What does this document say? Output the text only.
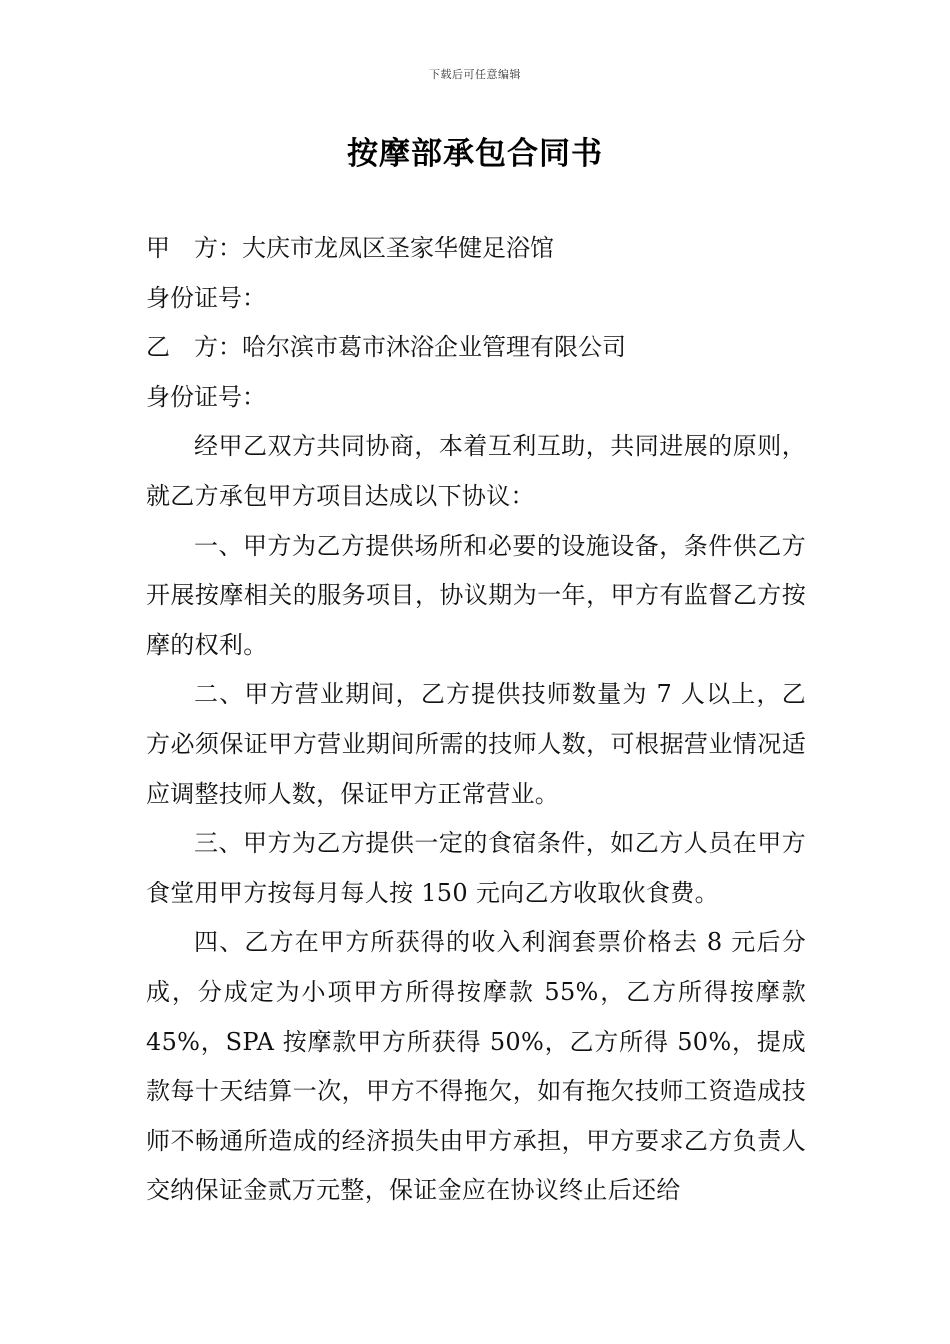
下载后可任意编辑
按摩部承包合同书

甲　方：大庆市龙凤区圣家华健足浴馆

身份证号：

乙　方：哈尔滨市葛市沐浴企业管理有限公司

身份证号：

经甲乙双方共同协商，本着互利互助，共同进展的原则，就乙方承包甲方项目达成以下协议：

一、甲方为乙方提供场所和必要的设施设备，条件供乙方开展按摩相关的服务项目，协议期为一年，甲方有监督乙方按摩的权利。

二、甲方营业期间，乙方提供技师数量为 7 人以上，乙方必须保证甲方营业期间所需的技师人数，可根据营业情况适应调整技师人数，保证甲方正常营业。

三、甲方为乙方提供一定的食宿条件，如乙方人员在甲方食堂用甲方按每月每人按 150 元向乙方收取伙食费。

四、乙方在甲方所获得的收入利润套票价格去 8 元后分成，分成定为小项甲方所得按摩款 55%，乙方所得按摩款 45%，SPA 按摩款甲方所获得 50%，乙方所得 50%，提成款每十天结算一次，甲方不得拖欠，如有拖欠技师工资造成技师不畅通所造成的经济损失由甲方承担，甲方要求乙方负责人交纳保证金贰万元整，保证金应在协议终止后还给
